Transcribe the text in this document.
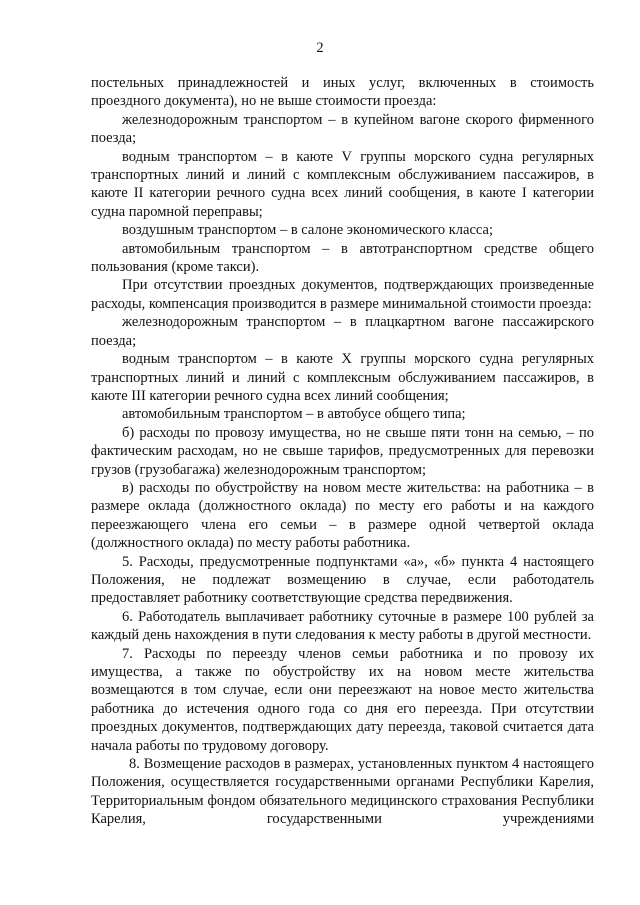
2

постельных принадлежностей и иных услуг, включенных в стоимость проездного документа), но не выше стоимости проезда:

железнодорожным транспортом – в купейном вагоне скорого фирменного поезда;

водным транспортом – в каюте V группы морского судна регулярных транспортных линий и линий с комплексным обслуживанием пассажиров, в каюте II категории речного судна всех линий сообщения, в каюте I категории судна паромной переправы;

воздушным транспортом – в салоне экономического класса;

автомобильным транспортом – в автотранспортном средстве общего пользования (кроме такси).

При отсутствии проездных документов, подтверждающих произведенные расходы, компенсация производится в размере минимальной стоимости проезда:

железнодорожным транспортом – в плацкартном вагоне пассажирского поезда;

водным транспортом – в каюте X группы морского судна регулярных транспортных линий и линий с комплексным обслуживанием пассажиров, в каюте III категории речного судна всех линий сообщения;

автомобильным транспортом – в автобусе общего типа;

б) расходы по провозу имущества, но не свыше пяти тонн на семью, – по фактическим расходам, но не свыше тарифов, предусмотренных для перевозки грузов (грузобагажа) железнодорожным транспортом;

в) расходы по обустройству на новом месте жительства: на работника – в размере оклада (должностного оклада) по месту его работы и на каждого переезжающего члена его семьи – в размере одной четвертой оклада (должностного оклада) по месту работы работника.

5. Расходы, предусмотренные подпунктами «а», «б» пункта 4 настоящего Положения, не подлежат возмещению в случае, если работодатель предоставляет работнику соответствующие средства передвижения.

6. Работодатель выплачивает работнику суточные в размере 100 рублей за каждый день нахождения в пути следования к месту работы в другой местности.

7. Расходы по переезду членов семьи работника и по провозу их имущества, а также по обустройству их на новом месте жительства возмещаются в том случае, если они переезжают на новое место жительства работника до истечения одного года со дня его переезда. При отсутствии проездных документов, подтверждающих дату переезда, таковой считается дата начала работы по трудовому договору.

8. Возмещение расходов в размерах, установленных пунктом 4 настоящего Положения, осуществляется государственными органами Республики Карелия, Территориальным фондом обязательного медицинского страхования Республики Карелия, государственными учреждениями
